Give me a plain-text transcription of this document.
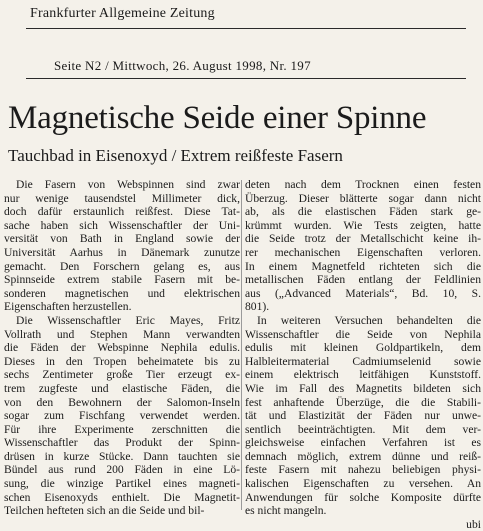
Frankfurter Allgemeine Zeitung
Seite N2 / Mittwoch, 26. August 1998, Nr. 197
Magnetische Seide einer Spinne
Tauchbad in Eisenoxyd / Extrem reißfeste Fasern
Die Fasern von Webspinnen sind zwar
nur wenige tausendstel Millimeter dick,
doch dafür erstaunlich reißfest. Diese Tat-
sache haben sich Wissenschaftler der Uni-
versität von Bath in England sowie der
Universität Aarhus in Dänemark zunutze
gemacht. Den Forschern gelang es, aus
Spinnseide extrem stabile Fasern mit be-
sonderen magnetischen und elektrischen
Eigenschaften herzustellen.
Die Wissenschaftler Eric Mayes, Fritz
Vollrath und Stephen Mann verwandten
die Fäden der Webspinne Nephila edulis.
Dieses in den Tropen beheimatete bis zu
sechs Zentimeter große Tier erzeugt ex-
trem zugfeste und elastische Fäden, die
von den Bewohnern der Salomon-Inseln
sogar zum Fischfang verwendet werden.
Für ihre Experimente zerschnitten die
Wissenschaftler das Produkt der Spinn-
drüsen in kurze Stücke. Dann tauchten sie
Bündel aus rund 200 Fäden in eine Lö-
sung, die winzige Partikel eines magneti-
schen Eisenoxyds enthielt. Die Magnetit-
Teilchen hefteten sich an die Seide und bil-
deten nach dem Trocknen einen festen
Überzug. Dieser blätterte sogar dann nicht
ab, als die elastischen Fäden stark ge-
krümmt wurden. Wie Tests zeigten, hatte
die Seide trotz der Metallschicht keine ih-
rer mechanischen Eigenschaften verloren.
In einem Magnetfeld richteten sich die
metallischen Fäden entlang der Feldlinien
aus („Advanced Materials“, Bd. 10, S.
801).
In weiteren Versuchen behandelten die
Wissenschaftler die Seide von Nephila
edulis mit kleinen Goldpartikeln, dem
Halbleitermaterial Cadmiumselenid sowie
einem elektrisch leitfähigen Kunststoff.
Wie im Fall des Magnetits bildeten sich
fest anhaftende Überzüge, die die Stabili-
tät und Elastizität der Fäden nur unwe-
sentlich beeinträchtigten. Mit dem ver-
gleichsweise einfachen Verfahren ist es
demnach möglich, extrem dünne und reiß-
feste Fasern mit nahezu beliebigen physi-
kalischen Eigenschaften zu versehen. An
Anwendungen für solche Komposite dürfte
es nicht mangeln.
ubi
